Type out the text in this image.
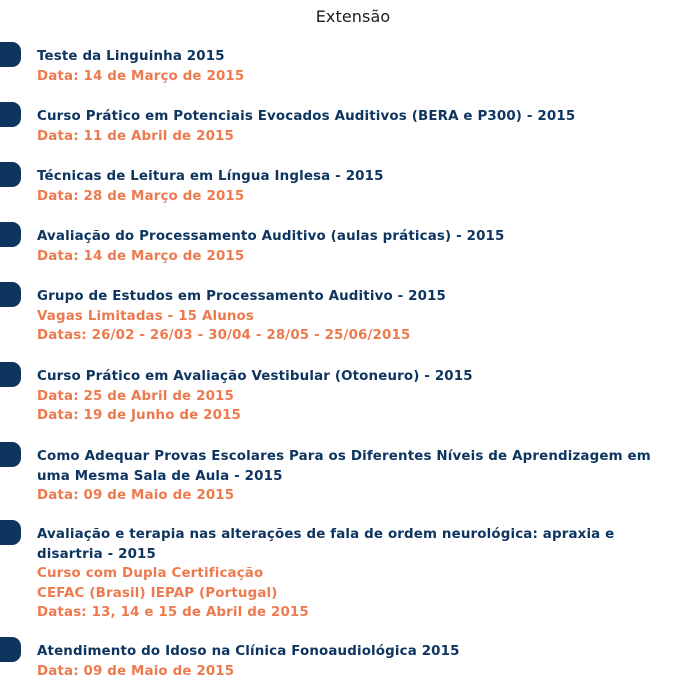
Extensão
Teste da Linguinha 2015
Data: 14 de Março de 2015
Curso Prático em Potenciais Evocados Auditivos (BERA e P300) - 2015
Data: 11 de Abril de 2015
Técnicas de Leitura em Língua Inglesa - 2015
Data: 28 de Março de 2015
Avaliação do Processamento Auditivo (aulas práticas) - 2015
Data: 14 de Março de 2015
Grupo de Estudos em Processamento Auditivo - 2015
Vagas Limitadas - 15 Alunos
Datas: 26/02 - 26/03 - 30/04 - 28/05 - 25/06/2015
Curso Prático em Avaliação Vestibular (Otoneuro) - 2015
Data: 25 de Abril de 2015
Data: 19 de Junho de 2015
Como Adequar Provas Escolares Para os Diferentes Níveis de Aprendizagem em uma Mesma Sala de Aula - 2015
Data: 09 de Maio de 2015
Avaliação e terapia nas alterações de fala de ordem neurológica: apraxia e disartria - 2015
Curso com Dupla Certificação
CEFAC (Brasil) IEPAP (Portugal)
Datas: 13, 14 e 15 de Abril de 2015
Atendimento do Idoso na Clínica Fonoaudiológica 2015
Data: 09 de Maio de 2015
